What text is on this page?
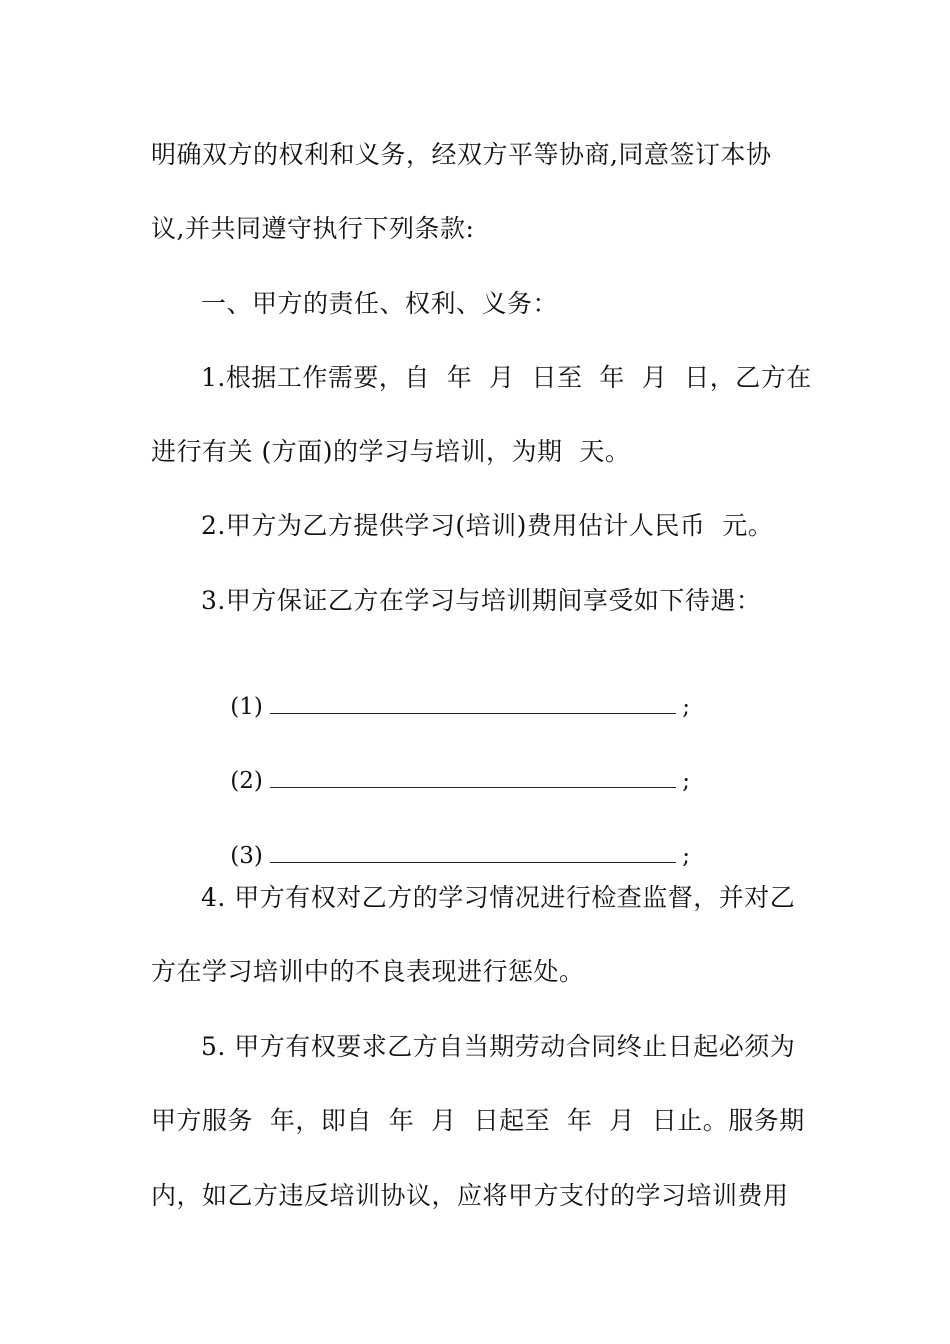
明确双方的权利和义务，经双方平等协商,同意签订本协
议,并共同遵守执行下列条款:
一、甲方的责任、权利、义务：
1.根据工作需要，自  年  月  日至  年  月  日，乙方在
进行有关 (方面)的学习与培训，为期  天。
2.甲方为乙方提供学习(培训)费用估计人民币  元。
3.甲方保证乙方在学习与培训期间享受如下待遇：

(1)	;

(2)	;

(3)	;

4. 甲方有权对乙方的学习情况进行检查监督，并对乙
方在学习培训中的不良表现进行惩处。
5. 甲方有权要求乙方自当期劳动合同终止日起必须为
甲方服务  年，即自  年  月  日起至  年  月  日止。服务期
内，如乙方违反培训协议，应将甲方支付的学习培训费用
